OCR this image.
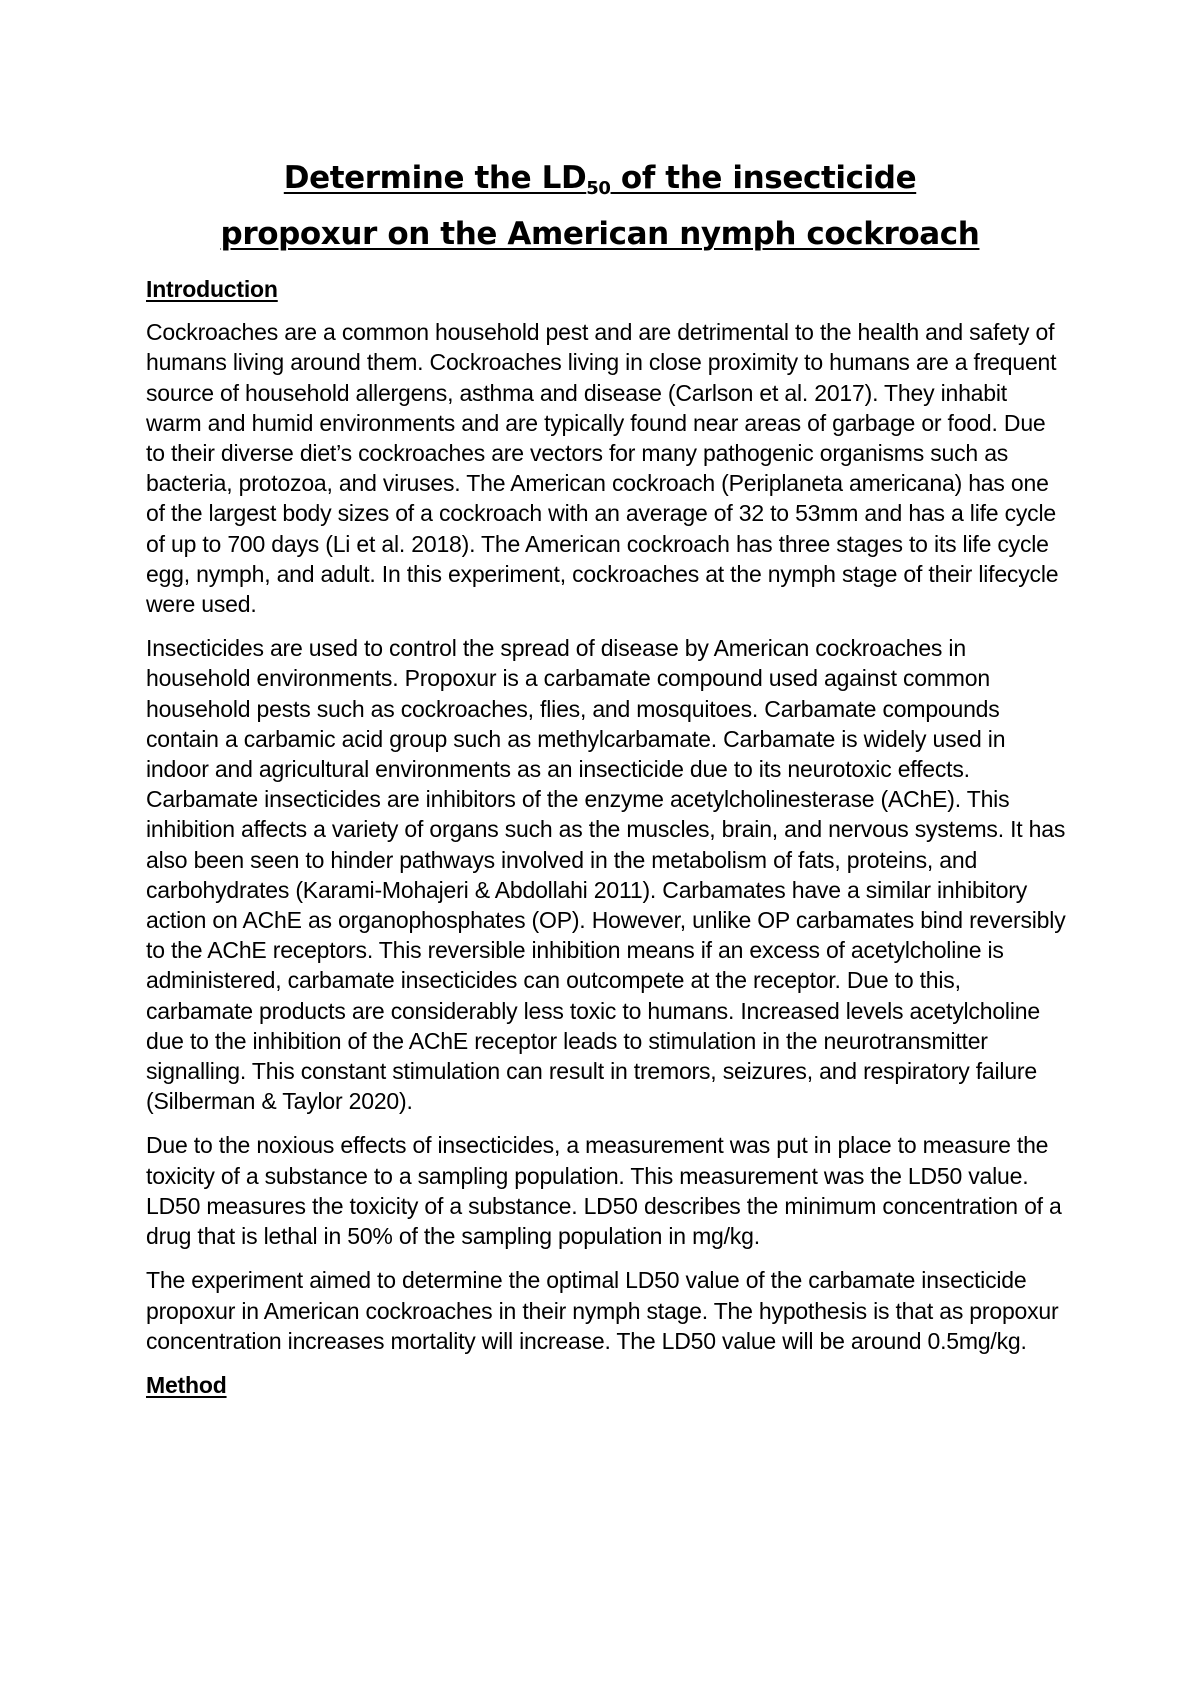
Determine the $LD_{50}$ of the insecticide
propoxur on the American nymph cockroach
Introduction

Cockroaches are a common household pest and are detrimental to the health and safety of humans living around them. Cockroaches living in close proximity to humans are a frequent source of household allergens, asthma and disease (Carlson et al. 2017). They inhabit warm and humid environments and are typically found near areas of garbage or food. Due to their diverse diet’s cockroaches are vectors for many pathogenic organisms such as bacteria, protozoa, and viruses. The American cockroach (Periplaneta americana) has one of the largest body sizes of a cockroach with an average of 32 to 53mm and has a life cycle of up to 700 days (Li et al. 2018). The American cockroach has three stages to its life cycle egg, nymph, and adult. In this experiment, cockroaches at the nymph stage of their lifecycle were used.

Insecticides are used to control the spread of disease by American cockroaches in household environments. Propoxur is a carbamate compound used against common household pests such as cockroaches, flies, and mosquitoes. Carbamate compounds contain a carbamic acid group such as methylcarbamate. Carbamate is widely used in indoor and agricultural environments as an insecticide due to its neurotoxic effects. Carbamate insecticides are inhibitors of the enzyme acetylcholinesterase (AChE). This inhibition affects a variety of organs such as the muscles, brain, and nervous systems. It has also been seen to hinder pathways involved in the metabolism of fats, proteins, and carbohydrates (Karami-Mohajeri & Abdollahi 2011). Carbamates have a similar inhibitory action on AChE as organophosphates (OP). However, unlike OP carbamates bind reversibly to the AChE receptors. This reversible inhibition means if an excess of acetylcholine is administered, carbamate insecticides can outcompete at the receptor. Due to this, carbamate products are considerably less toxic to humans. Increased levels acetylcholine due to the inhibition of the AChE receptor leads to stimulation in the neurotransmitter signalling. This constant stimulation can result in tremors, seizures, and respiratory failure (Silberman & Taylor 2020).

Due to the noxious effects of insecticides, a measurement was put in place to measure the toxicity of a substance to a sampling population. This measurement was the LD50 value. LD50 measures the toxicity of a substance. LD50 describes the minimum concentration of a drug that is lethal in 50% of the sampling population in mg/kg.

The experiment aimed to determine the optimal LD50 value of the carbamate insecticide propoxur in American cockroaches in their nymph stage. The hypothesis is that as propoxur concentration increases mortality will increase. The LD50 value will be around 0.5mg/kg.

Method
